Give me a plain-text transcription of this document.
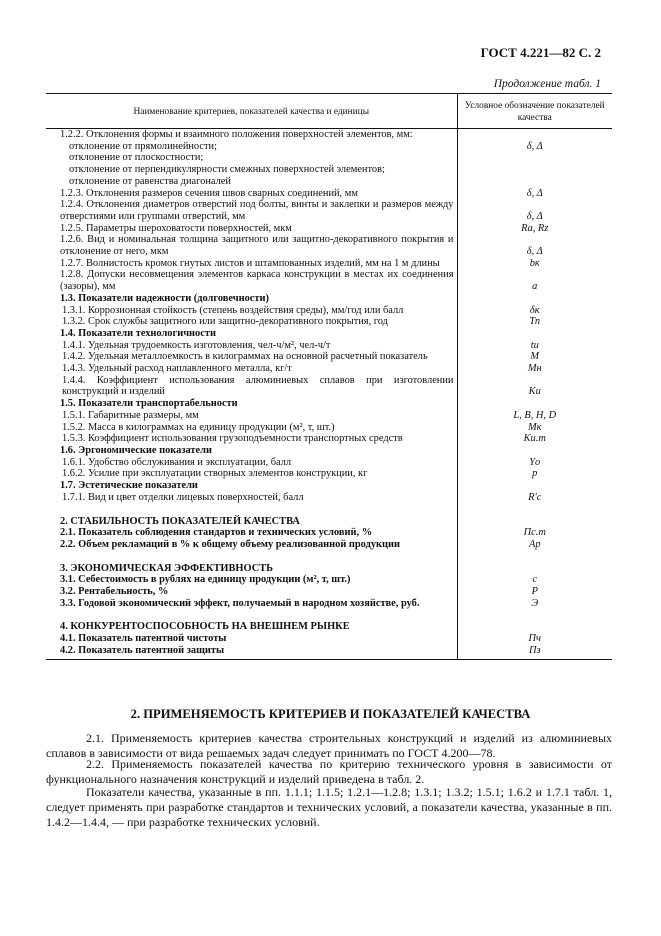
ГОСТ 4.221—82 С. 2
Продолжение табл. 1
Наименование критериев, показателей качества и единицы	Условное обозначение показателей качества
1.2.2. Отклонения формы и взаимного положения поверхностей элементов, мм:	
отклонение от прямолинейности;	δ, Δ
отклонение от плоскостности;	
отклонение от перпендикулярности смежных поверхностей элементов;	
отклонение от равенства диагоналей	
1.2.3. Отклонения размеров сечения швов сварных соединений, мм	δ, Δ
1.2.4. Отклонения диаметров отверстий под болты, винты и заклепки и размеров между отверстиями или группами отверстий, мм	δ, Δ
1.2.5. Параметры шероховатости поверхностей, мкм	Ra, Rz
1.2.6. Вид и номинальная толщина защитного или защитно-декоративного покрытия и отклонение от него, мкм	δ, Δ
1.2.7. Волнистость кромок гнутых листов и штампованных изделий, мм на 1 м длины	bк
1.2.8. Допуски несовмещения элементов каркаса конструкции в местах их соединения (зазоры), мм	a
1.3. Показатели надежности (долговечности)	
1.3.1. Коррозионная стойкость (степень воздействия среды), мм/год или балл	δк
1.3.2. Срок службы защитного или защитно-декоративного покрытия, год	Тп
1.4. Показатели технологичности	
1.4.1. Удельная трудоемкость изготовления, чел-ч/м², чел-ч/т	tи
1.4.2. Удельная металлоемкость в килограммах на основной расчетный показатель	M
1.4.3. Удельный расход наплавленного металла, кг/т	Mн
1.4.4. Коэффициент использования алюминиевых сплавов при изготовлении конструкций и изделий	Kи
1.5. Показатели транспортабельности	
1.5.1. Габаритные размеры, мм	L, B, H, D
1.5.2. Масса в килограммах на единицу продукции (м², т, шт.)	Mк
1.5.3. Коэффициент использования грузоподъемности транспортных средств	Kи.т
1.6. Эргономические показатели	
1.6.1. Удобство обслуживания и эксплуатации, балл	Yо
1.6.2. Усилие при эксплуатации створных элементов конструкции, кг	p
1.7. Эстетические показатели	
1.7.1. Вид и цвет отделки лицевых поверхностей, балл	R'с
2. СТАБИЛЬНОСТЬ ПОКАЗАТЕЛЕЙ КАЧЕСТВА	
2.1. Показатель соблюдения стандартов и технических условий, %	Пс.т
2.2. Объем рекламаций в % к общему объему реализованной продукции	Ар
3. ЭКОНОМИЧЕСКАЯ ЭФФЕКТИВНОСТЬ	
3.1. Себестоимость в рублях на единицу продукции (м², т, шт.)	c
3.2. Рентабельность, %	P
3.3. Годовой экономический эффект, получаемый в народном хозяйстве, руб.	Э
4. КОНКУРЕНТОСПОСОБНОСТЬ НА ВНЕШНЕМ РЫНКЕ	
4.1. Показатель патентной чистоты	Пч
4.2. Показатель патентной защиты	Пз
2. ПРИМЕНЯЕМОСТЬ КРИТЕРИЕВ И ПОКАЗАТЕЛЕЙ КАЧЕСТВА

2.1. Применяемость критериев качества строительных конструкций и изделий из алюминиевых сплавов в зависимости от вида решаемых задач следует принимать по ГОСТ 4.200—78.

2.2. Применяемость показателей качества по критерию технического уровня в зависимости от функционального назначения конструкций и изделий приведена в табл. 2.

Показатели качества, указанные в пп. 1.1.1; 1.1.5; 1.2.1—1.2.8; 1.3.1; 1.3.2; 1.5.1; 1.6.2 и 1.7.1 табл. 1, следует применять при разработке стандартов и технических условий, а показатели качества, указанные в пп. 1.4.2—1.4.4, — при разработке технических условий.
